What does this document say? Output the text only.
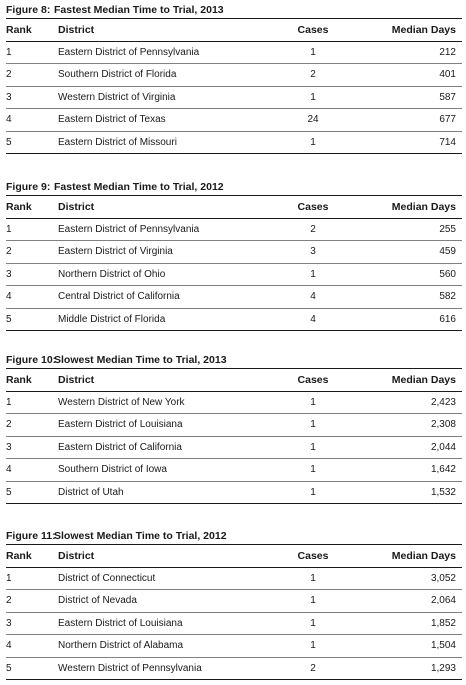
Figure 8: Fastest Median Time to Trial, 2013
Rank	District	Cases	Median Days
1	Eastern District of Pennsylvania	1	212
2	Southern District of Florida	2	401
3	Western District of Virginia	1	587
4	Eastern District of Texas	24	677
5	Eastern District of Missouri	1	714
Figure 9: Fastest Median Time to Trial, 2012
Rank	District	Cases	Median Days
1	Eastern District of Pennsylvania	2	255
2	Eastern District of Virginia	3	459
3	Northern District of Ohio	1	560
4	Central District of California	4	582
5	Middle District of Florida	4	616
Figure 10:Slowest Median Time to Trial, 2013
Rank	District	Cases	Median Days
1	Western District of New York	1	2,423
2	Eastern District of Louisiana	1	2,308
3	Eastern District of California	1	2,044
4	Southern District of Iowa	1	1,642
5	District of Utah	1	1,532
Figure 11:Slowest Median Time to Trial, 2012
Rank	District	Cases	Median Days
1	District of Connecticut	1	3,052
2	District of Nevada	1	2,064
3	Eastern District of Louisiana	1	1,852
4	Northern District of Alabama	1	1,504
5	Western District of Pennsylvania	2	1,293
